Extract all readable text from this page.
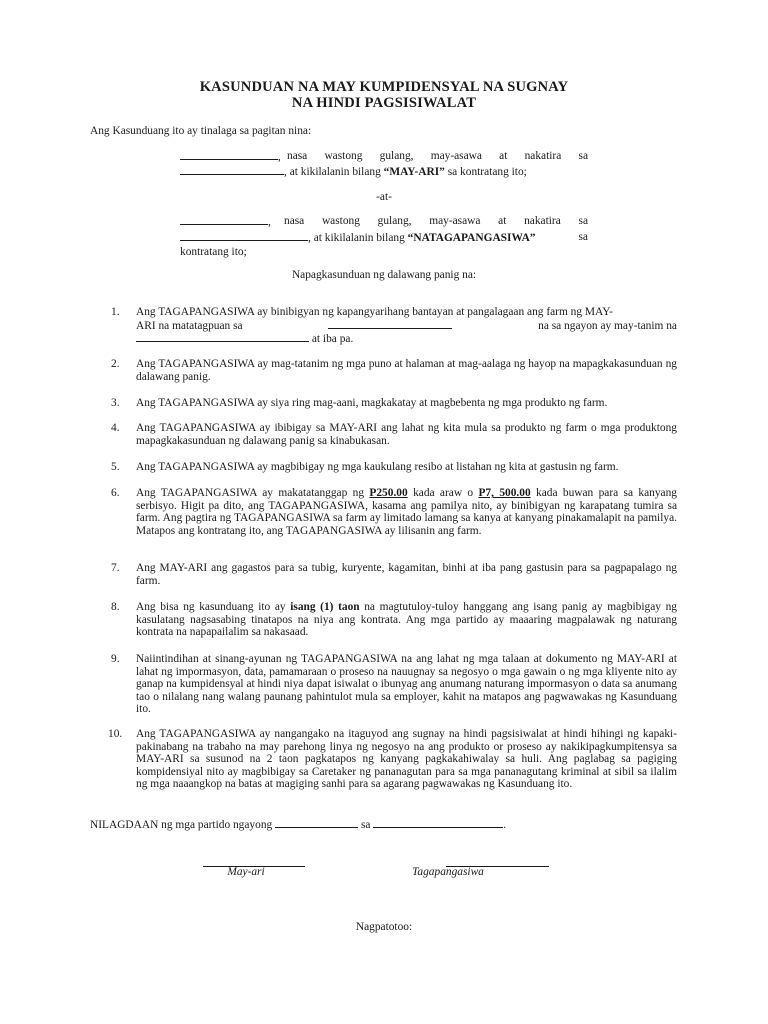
KASUNDUAN NA MAY KUMPIDENSYAL NA SUGNAY
NA HINDI PAGSISIWALAT
Ang Kasunduang ito ay tinalaga sa pagitan nina:
, nasa wastong gulang, may-asawa at nakatira sa
, at kikilalanin bilang “MAY-ARI” sa kontratang ito;
-at-
, nasa wastong gulang, may-asawa at nakatira sa
, at kikilalanin bilang “NATAGAPANGASIWA”	sa
kontratang ito;
Napagkasunduan ng dalawang panig na:
1.	Ang TAGAPANGASIWA ay binibigyan ng kapangyarihang bantayan at pangalagaan ang farm ng MAY-

ARI na matatagpuan sa	na sa ngayon ay may-tanim na
at iba pa.
2.	Ang TAGAPANGASIWA ay mag-tatanim ng mga puno at halaman at mag-aalaga ng hayop na mapagkakasunduan ng dalawang panig.
3.	Ang TAGAPANGASIWA ay siya ring mag-aani, magkakatay at magbebenta ng mga produkto ng farm.
4.	Ang TAGAPANGASIWA ay ibibigay sa MAY-ARI ang lahat ng kita mula sa produkto ng farm o mga produktong mapagkakasunduan ng dalawang panig sa kinabukasan.
5.	Ang TAGAPANGASIWA ay magbibigay ng mga kaukulang resibo at listahan ng kita at gastusin ng farm.
6.	Ang TAGAPANGASIWA ay makatatanggap ng P250.00 kada araw o P7, 500.00 kada buwan para sa kanyang serbisyo. Higit pa dito, ang TAGAPANGASIWA, kasama ang pamilya nito, ay binibigyan ng karapatang tumira sa farm. Ang pagtira ng TAGAPANGASIWA sa farm ay limitado lamang sa kanya at kanyang pinakamalapit na pamilya. Matapos ang kontratang ito, ang TAGAPANGASIWA ay lilisanin ang farm.
7.	Ang MAY-ARI ang gagastos para sa tubig, kuryente, kagamitan, binhi at iba pang gastusin para sa pagpapalago ng farm.
8.	Ang bisa ng kasunduang ito ay isang (1) taon na magtutuloy-tuloy hanggang ang isang panig ay magbibigay ng kasulatang nagsasabing tinatapos na niya ang kontrata. Ang mga partido ay maaaring magpalawak ng naturang kontrata na napapailalim sa nakasaad.
9.	Naiintindihan at sinang-ayunan ng TAGAPANGASIWA na ang lahat ng mga talaan at dokumento ng MAY-ARI at lahat ng impormasyon, data, pamamaraan o proseso na nauugnay sa negosyo o mga gawain o ng mga kliyente nito ay ganap na kumpidensyal at hindi niya dapat isiwalat o ibunyag ang anumang naturang impormasyon o data sa anumang tao o nilalang nang walang paunang pahintulot mula sa employer, kahit na matapos ang pagwawakas ng Kasunduang ito.
10.	Ang TAGAPANGASIWA ay nangangako na itaguyod ang sugnay na hindi pagsisiwalat at hindi hihingi ng kapaki-pakinabang na trabaho na may parehong linya ng negosyo na ang produkto or proseso ay nakikipagkumpitensya sa MAY-ARI sa susunod na 2 taon pagkatapos ng kanyang pagkakahiwalay sa huli. Ang paglabag sa pagiging kompidensiyal nito ay magbibigay sa Caretaker ng pananagutan para sa mga pananagutang kriminal at sibil sa ilalim ng mga naaangkop na batas at magiging sanhi para sa agarang pagwawakas ng Kasunduang ito.
NILAGDAAN ng mga partido ngayong	sa	.
May-ari	Tagapangasiwa
Nagpatotoo:
